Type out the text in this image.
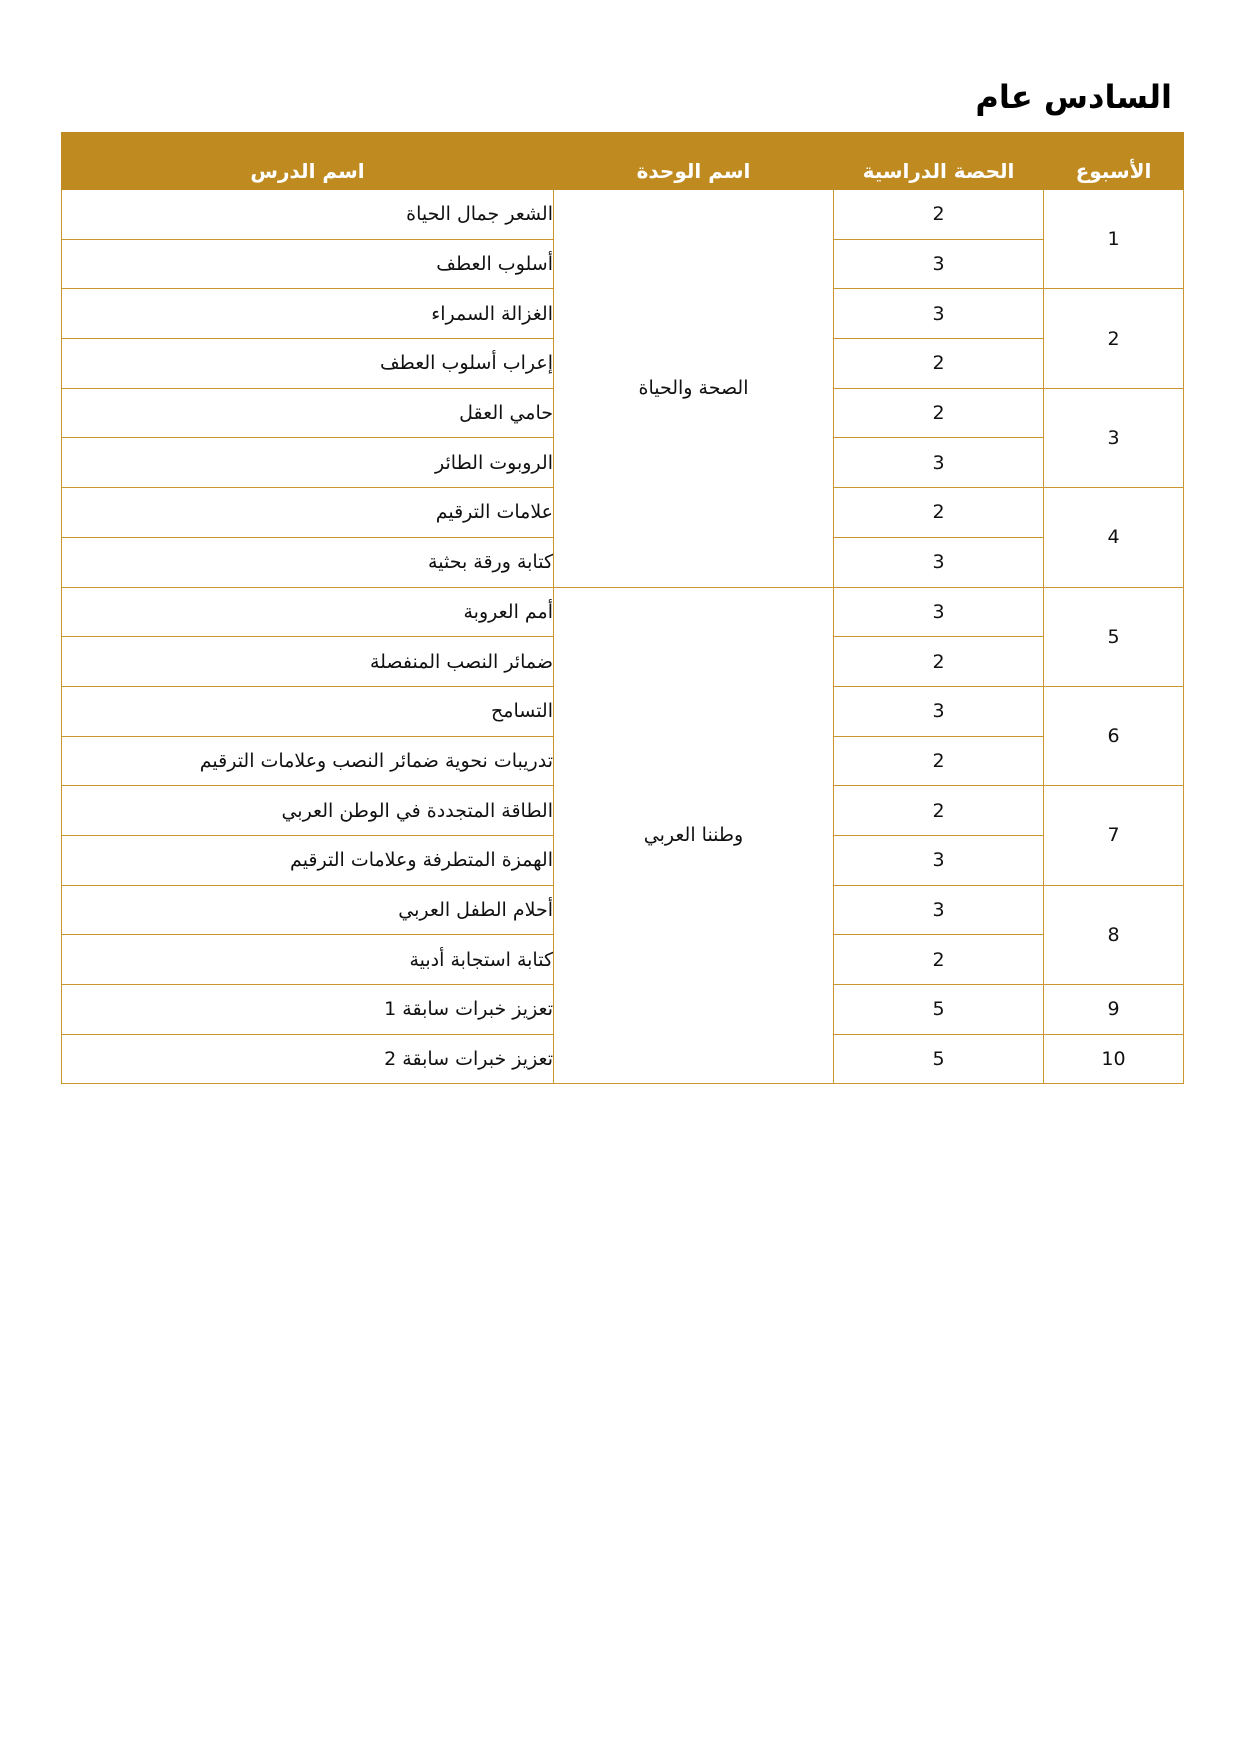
السادس عام
الأسبوع	الحصة الدراسية	اسم الوحدة	اسم الدرس
1	2	الصحة والحياة	الشعر جمال الحياة
	3		أسلوب العطف
2	3		الغزالة السمراء
	2		إعراب أسلوب العطف
3	2		حامي العقل
	3		الروبوت الطائر
4	2		علامات الترقيم
	3		كتابة ورقة بحثية
5	3	وطننا العربي	أمم العروبة
	2		ضمائر النصب المنفصلة
6	3		التسامح
	2		تدريبات نحوية ضمائر النصب وعلامات الترقيم
7	2		الطاقة المتجددة في الوطن العربي
	3		الهمزة المتطرفة وعلامات الترقيم
8	3		أحلام الطفل العربي
	2		كتابة استجابة أدبية
9	5		تعزيز خبرات سابقة 1
10	5		تعزيز خبرات سابقة 2
